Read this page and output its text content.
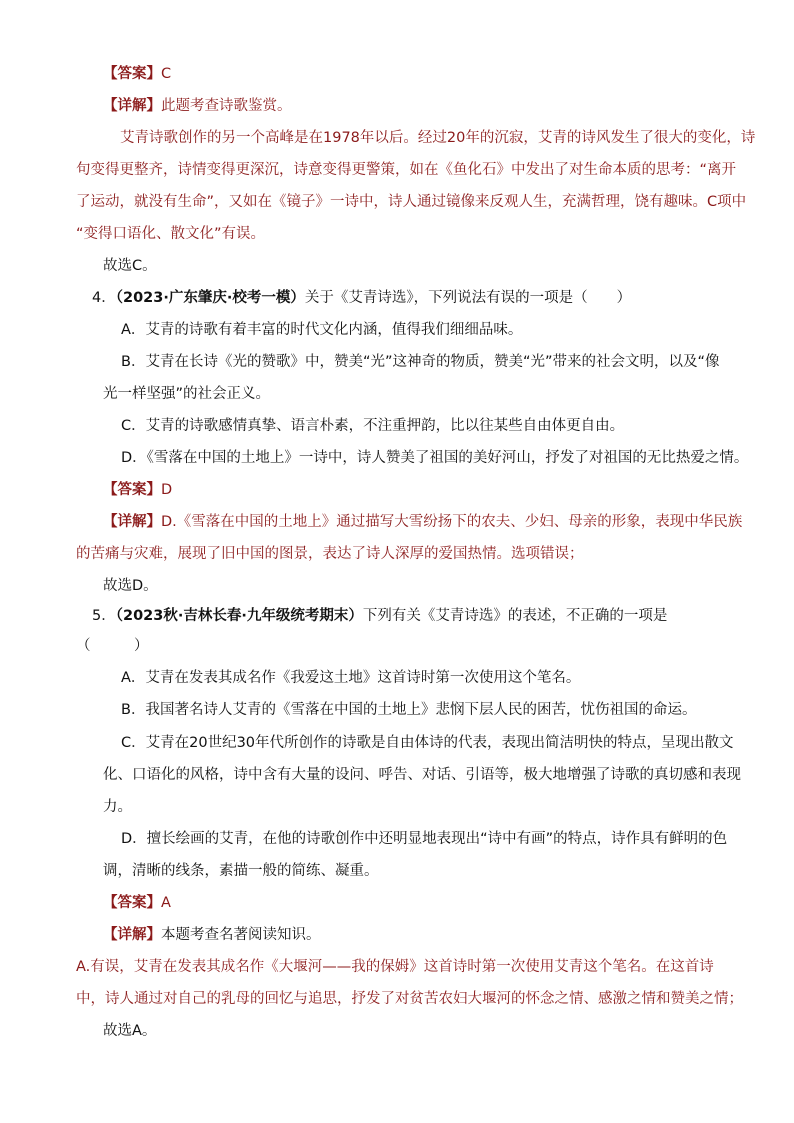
【答案】C
【详解】此题考查诗歌鉴赏。
艾青诗歌创作的另一个高峰是在1978年以后。经过20年的沉寂，艾青的诗风发生了很大的变化，诗
句变得更整齐，诗情变得更深沉，诗意变得更警策，如在《鱼化石》中发出了对生命本质的思考：“离开
了运动，就没有生命”，又如在《镜子》一诗中，诗人通过镜像来反观人生，充满哲理，饶有趣味。C项中
“变得口语化、散文化”有误。
故选C。
4．（2023·广东肇庆·校考一模）关于《艾青诗选》，下列说法有误的一项是（　　）
A．艾青的诗歌有着丰富的时代文化内涵，值得我们细细品味。
B．艾青在长诗《光的赞歌》中，赞美“光”这神奇的物质，赞美“光”带来的社会文明，以及“像
光一样坚强”的社会正义。
C．艾青的诗歌感情真挚、语言朴素，不注重押韵，比以往某些自由体更自由。
D．《雪落在中国的土地上》一诗中，诗人赞美了祖国的美好河山，抒发了对祖国的无比热爱之情。
【答案】D
【详解】D.《雪落在中国的土地上》通过描写大雪纷扬下的农夫、少妇、母亲的形象，表现中华民族
的苦痛与灾难，展现了旧中国的图景，表达了诗人深厚的爱国热情。选项错误；
故选D。
5．（2023秋·吉林长春·九年级统考期末）下列有关《艾青诗选》的表述，不正确的一项是
（　　　）
A．艾青在发表其成名作《我爱这土地》这首诗时第一次使用这个笔名。
B．我国著名诗人艾青的《雪落在中国的土地上》悲悯下层人民的困苦，忧伤祖国的命运。
C．艾青在20世纪30年代所创作的诗歌是自由体诗的代表，表现出简洁明快的特点，呈现出散文
化、口语化的风格，诗中含有大量的设问、呼告、对话、引语等，极大地增强了诗歌的真切感和表现
力。
D．擅长绘画的艾青，在他的诗歌创作中还明显地表现出“诗中有画”的特点，诗作具有鲜明的色
调，清晰的线条，素描一般的简练、凝重。
【答案】A
【详解】本题考查名著阅读知识。
A.有误，艾青在发表其成名作《大堰河——我的保姆》这首诗时第一次使用艾青这个笔名。在这首诗
中，诗人通过对自己的乳母的回忆与追思，抒发了对贫苦农妇大堰河的怀念之情、感激之情和赞美之情；
故选A。
